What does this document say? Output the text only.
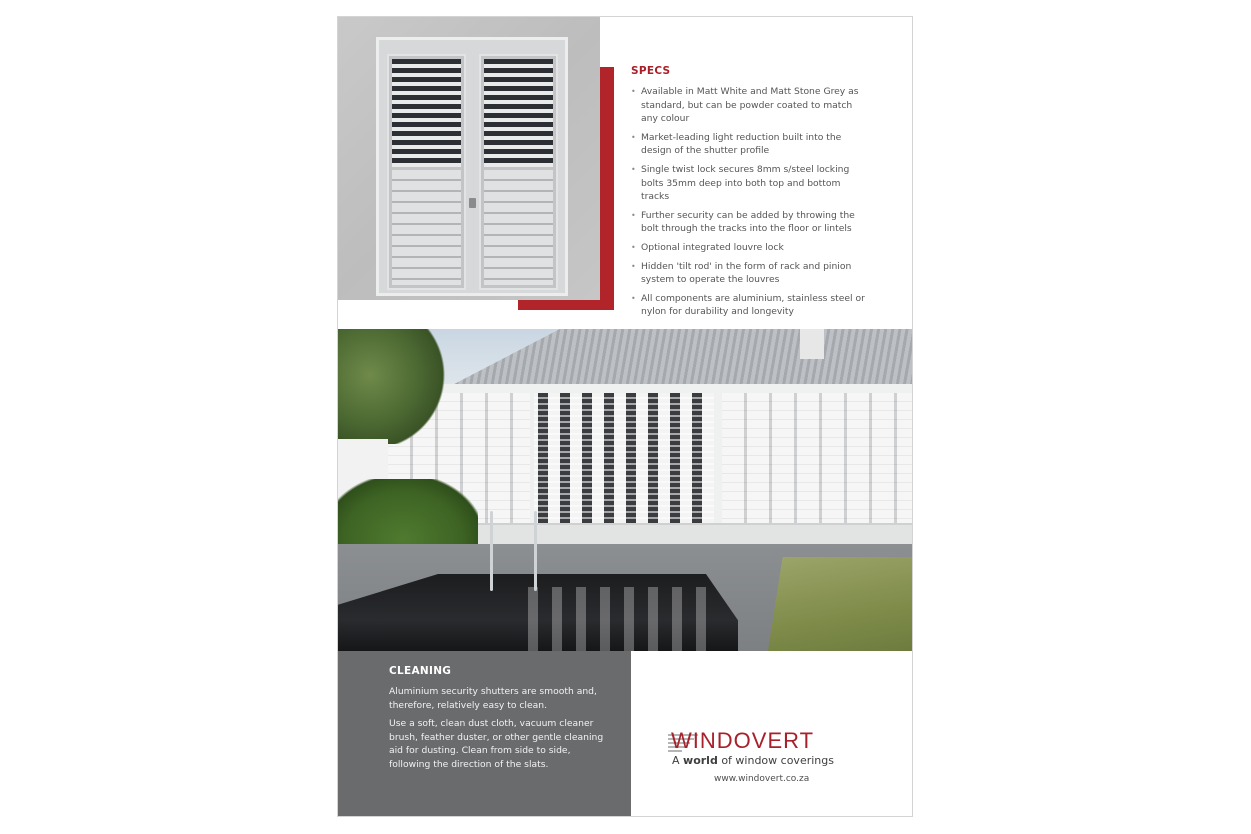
SPECS
• Available in Matt White and Matt Stone Grey as standard, but can be powder coated to match any colour
• Market-leading light reduction built into the design of the shutter profile
• Single twist lock secures 8mm s/steel locking bolts 35mm deep into both top and bottom tracks
• Further security can be added by throwing the bolt through the tracks into the floor or lintels
• Optional integrated louvre lock
• Hidden 'tilt rod' in the form of rack and pinion system to operate the louvres
• All components are aluminium, stainless steel or nylon for durability and longevity
CLEANING

Aluminium security shutters are smooth and, therefore, relatively easy to clean.

Use a soft, clean dust cloth, vacuum cleaner brush, feather duster, or other gentle cleaning aid for dusting. Clean from side to side, following the direction of the slats.

WINDOVERT
A world of window coverings
www.windovert.co.za
